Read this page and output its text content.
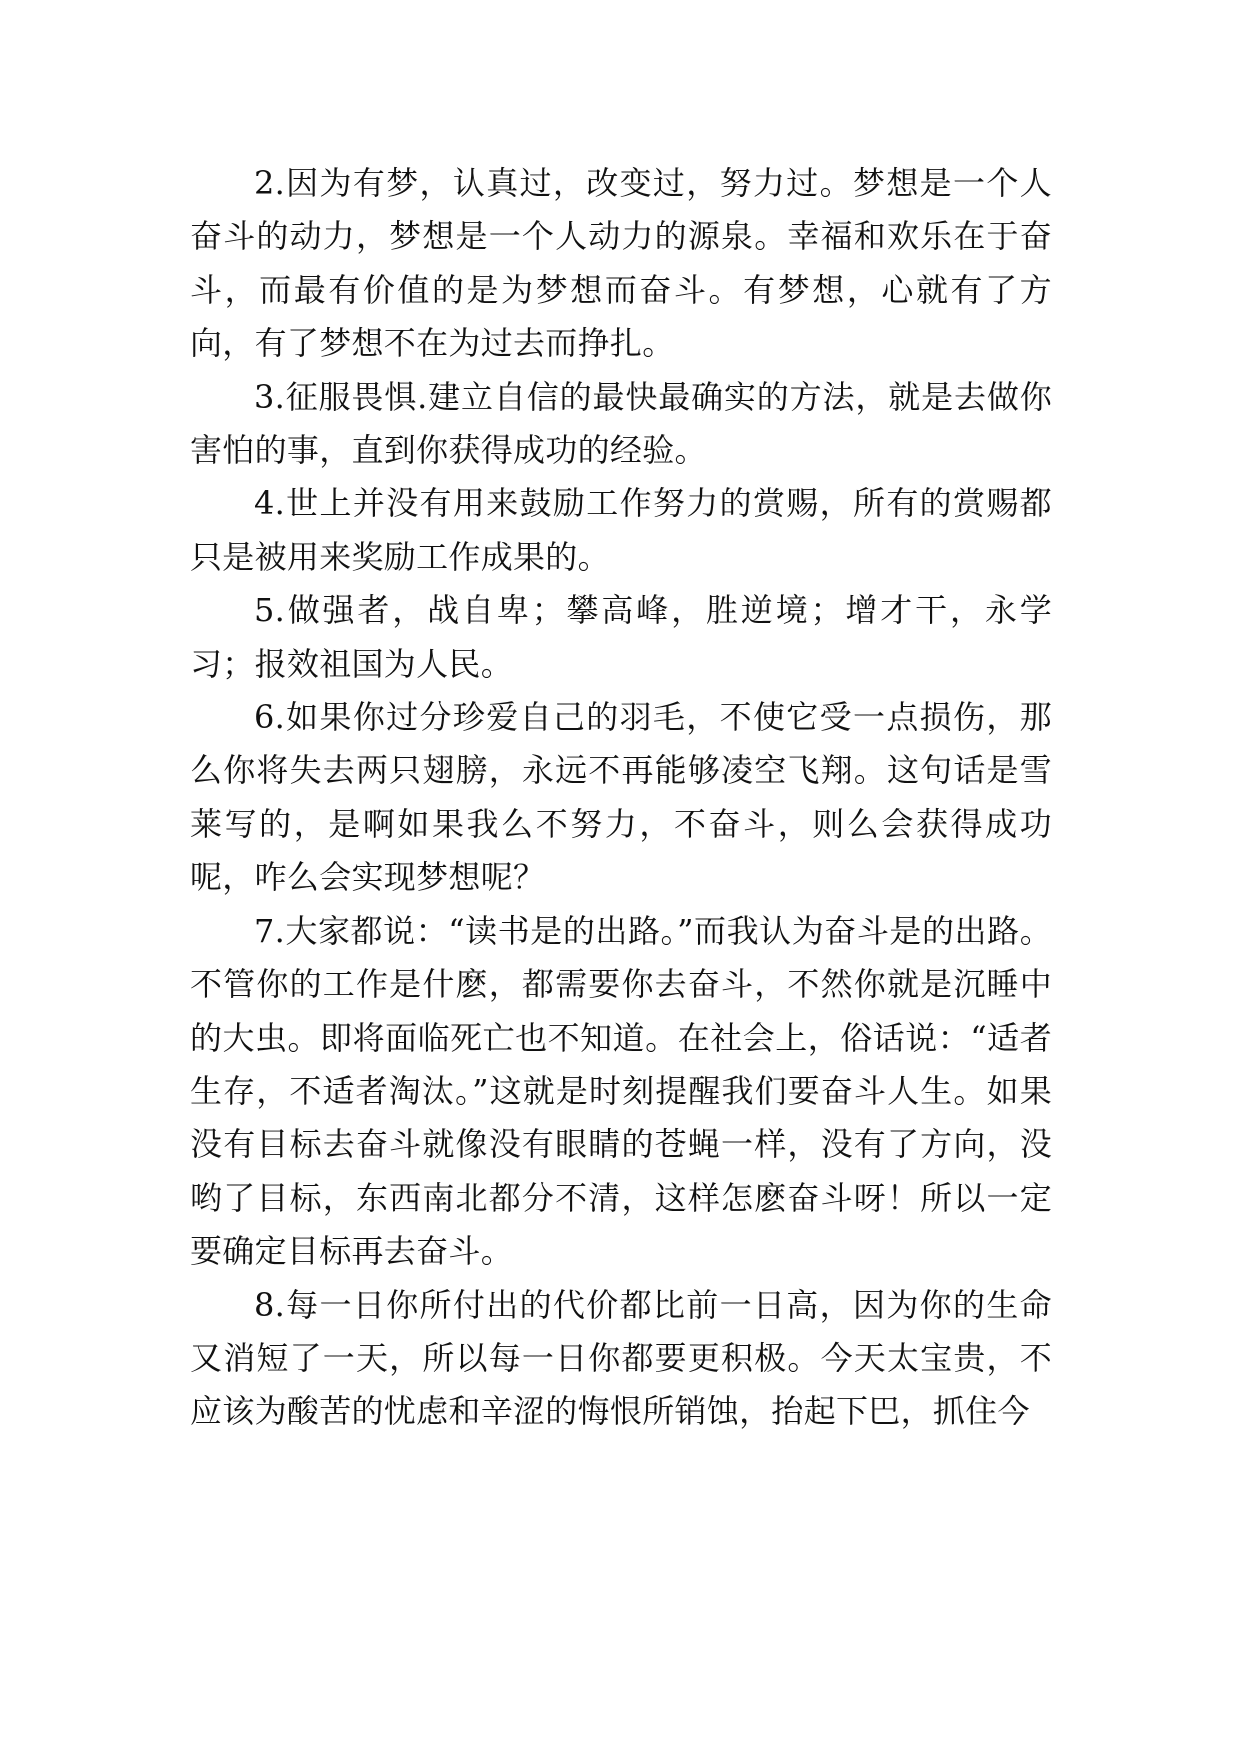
2.因为有梦，认真过，改变过，努力过。梦想是一个人奋斗的动力，梦想是一个人动力的源泉。幸福和欢乐在于奋斗，而最有价值的是为梦想而奋斗。有梦想，心就有了方向，有了梦想不在为过去而挣扎。

3.征服畏惧.建立自信的最快最确实的方法，就是去做你害怕的事，直到你获得成功的经验。

4.世上并没有用来鼓励工作努力的赏赐，所有的赏赐都只是被用来奖励工作成果的。

5.做强者，战自卑；攀高峰，胜逆境；增才干，永学习；报效祖国为人民。

6.如果你过分珍爱自己的羽毛，不使它受一点损伤，那么你将失去两只翅膀，永远不再能够凌空飞翔。这句话是雪莱写的，是啊如果我么不努力，不奋斗，则么会获得成功呢，咋么会实现梦想呢？

7.大家都说：“读书是的出路。”而我认为奋斗是的出路。不管你的工作是什麽，都需要你去奋斗，不然你就是沉睡中的大虫。即将面临死亡也不知道。在社会上，俗话说：“适者生存，不适者淘汰。”这就是时刻提醒我们要奋斗人生。如果没有目标去奋斗就像没有眼睛的苍蝇一样，没有了方向，没哟了目标，东西南北都分不清，这样怎麽奋斗呀！所以一定要确定目标再去奋斗。

8.每一日你所付出的代价都比前一日高，因为你的生命又消短了一天，所以每一日你都要更积极。今天太宝贵，不应该为酸苦的忧虑和辛涩的悔恨所销蚀，抬起下巴，抓住今
